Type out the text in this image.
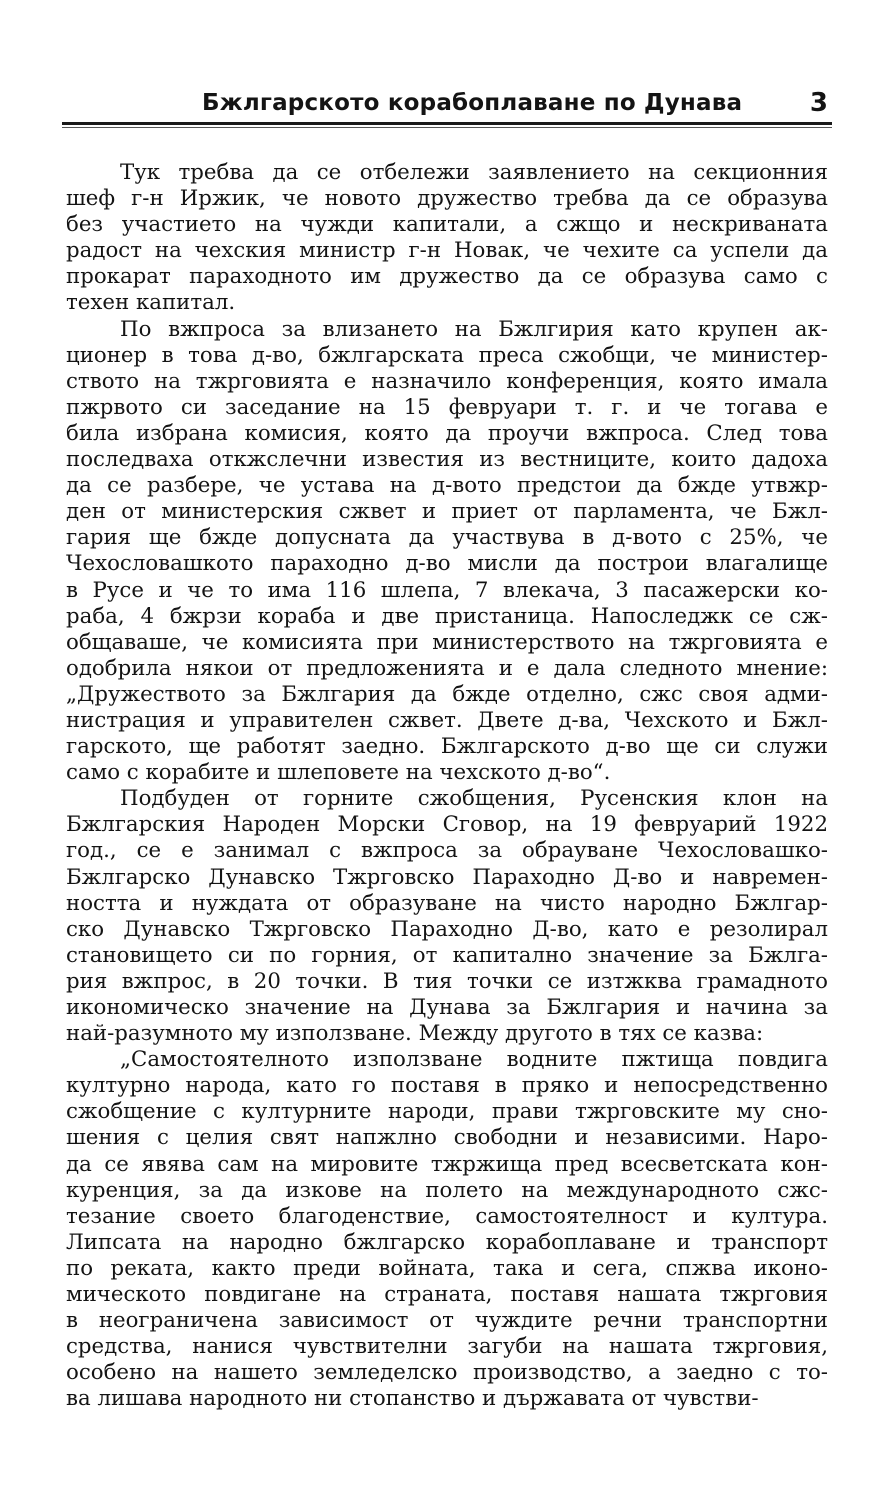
Бжлгарското корабоплаване по Дунава	3
Тук требва да се отбележи заявлението на секционния
шеф г-н Иржик, че новото дружество требва да се образува
без участието на чужди капитали, а сжщо и нескриваната
радост на чехския министр г-н Новак, че чехите са успели да
прокарат параходното им дружество да се образува само с
техен капитал.
По вжпроса за влизането на Бжлгирия като крупен ак-
ционер в това д-во, бжлгарската преса сжобщи, че министер-
ството на тжрговията е назначило конференция, която имала
пжрвото си заседание на 15 февруари т. г. и че тогава е
била избрана комисия, която да проучи вжпроса. След това
последваха откжслечни известия из вестниците, които дадоха
да се разбере, че устава на д-вото предстои да бжде утвжр-
ден от министерския сжвет и приет от парламента, че Бжл-
гария ще бжде допусната да участвува в д-вото с 25%, че
Чехословашкото параходно д-во мисли да построи влагалище
в Русе и че то има 116 шлепа, 7 влекача, 3 пасажерски ко-
раба, 4 бжрзи кораба и две пристаница. Напоследжк се сж-
общаваше, че комисията при министерството на тжрговията е
одобрила някои от предложенията и е дала следното мнение:
„Дружеството за Бжлгария да бжде отделно, сжс своя адми-
нистрация и управителен сжвет. Двете д-ва, Чехското и Бжл-
гарското, ще работят заедно. Бжлгарското д-во ще си служи
само с корабите и шлеповете на чехското д-во“.
Подбуден от горните сжобщения, Русенския клон на
Бжлгарския Народен Морски Сговор, на 19 февруарий 1922
год., се е занимал с вжпроса за обрауване Чехословашко-
Бжлгарско Дунавско Тжрговско Параходно Д-во и навремен-
ността и нуждата от образуване на чисто народно Бжлгар-
ско Дунавско Тжрговско Параходно Д-во, като е резолирал
становището си по горния, от капитално значение за Бжлга-
рия вжпрос, в 20 точки. В тия точки се изтжква грамадното
икономическо значение на Дунава за Бжлгария и начина за
най-разумното му използване. Между другото в тях се казва:
„Самостоятелното използване водните пжтища повдига
културно народа, като го поставя в пряко и непосредственно
сжобщение с културните народи, прави тжрговските му сно-
шения с целия свят напжлно свободни и независими. Наро-
да се явява сам на мировите тжржища пред всесветската кон-
куренция, за да изкове на полето на международното сжс-
тезание своето благоденствие, самостоятелност и култура.
Липсата на народно бжлгарско корабоплаване и транспорт
по реката, както преди войната, така и сега, спжва иконо-
мическото повдигане на страната, поставя нашата тжрговия
в неограничена зависимост от чуждите речни транспортни
средства, нанися чувствителни загуби на нашата тжрговия,
особено на нашето земледелско производство, а заедно с то-
ва лишава народното ни стопанство и държавата от чувстви-
